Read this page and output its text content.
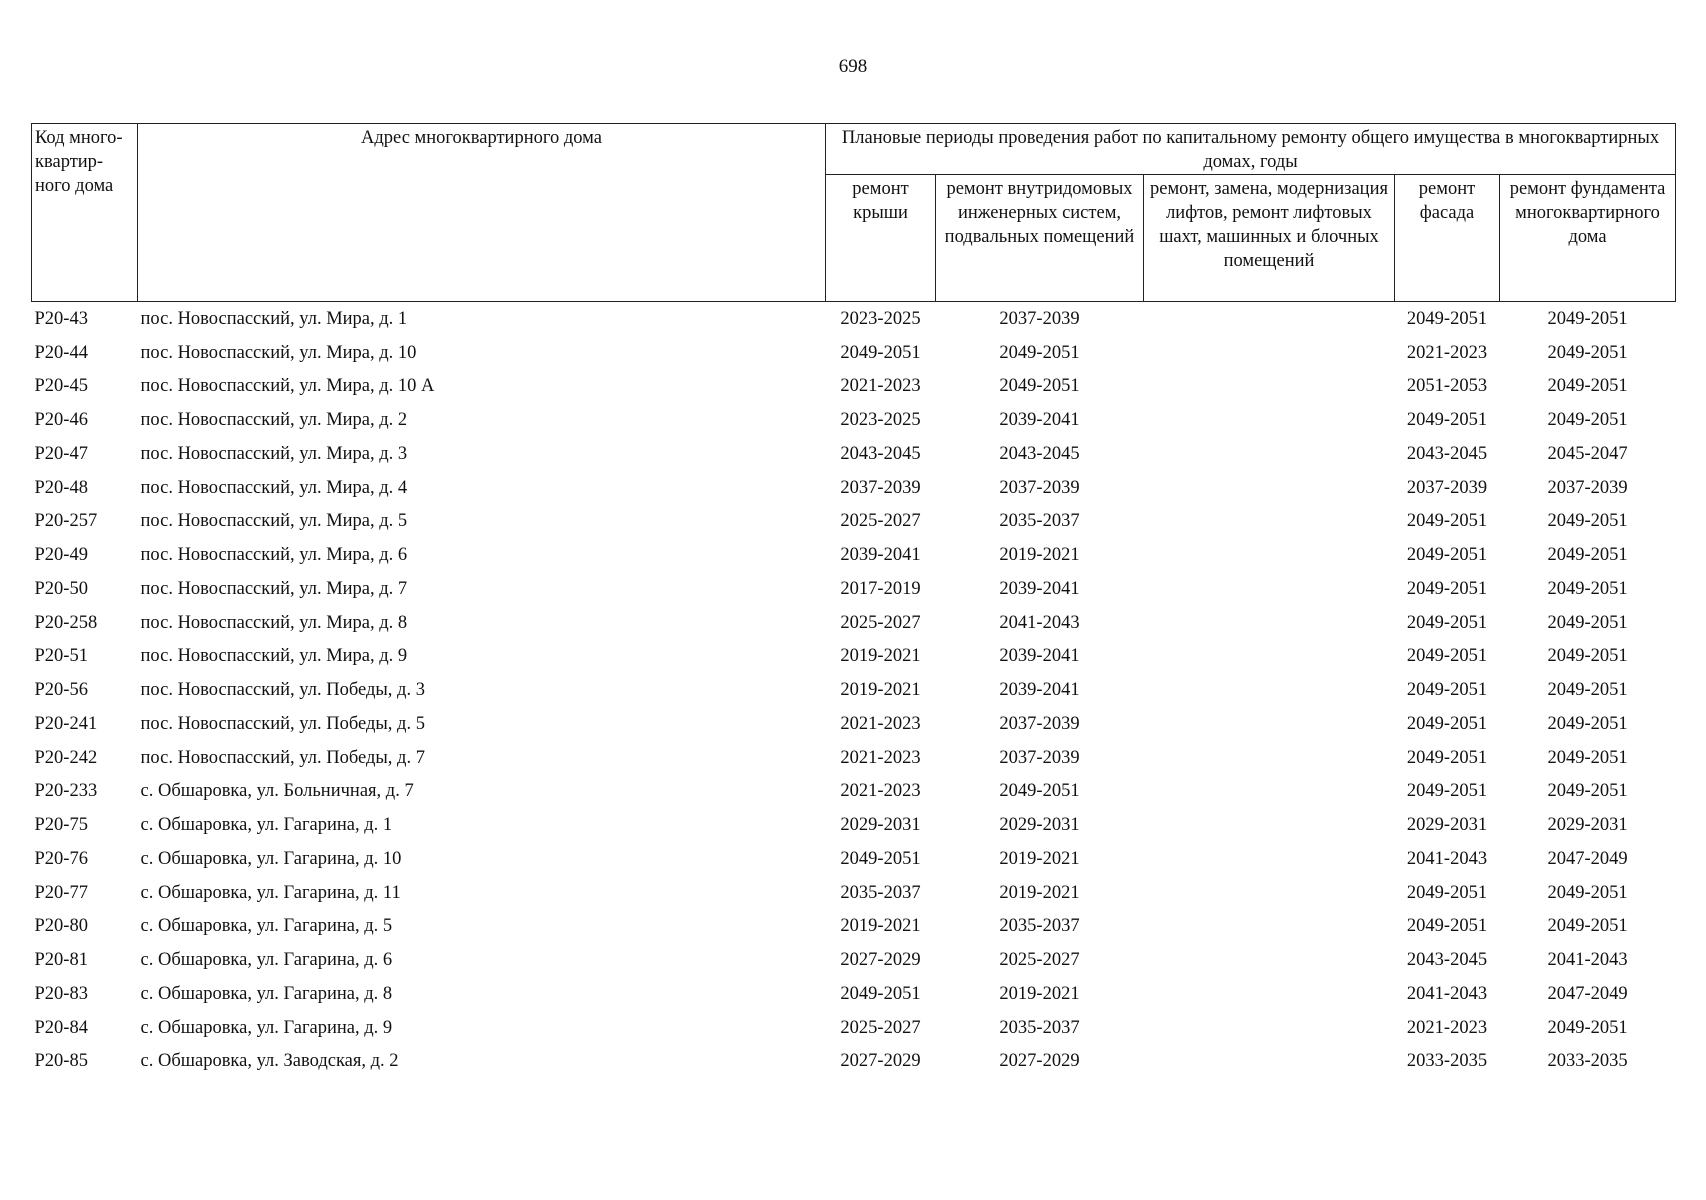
698
Код много-квартир-ного дома	Адрес многоквартирного дома	Плановые периоды проведения работ по капитальному ремонту общего имущества в многоквартирных домах, годы				
		ремонт крыши	ремонт внутридомовых инженерных систем, подвальных помещений	ремонт, замена, модернизация лифтов, ремонт лифтовых шахт, машинных и блочных помещений	ремонт фасада	ремонт фундамента многоквартирного дома
Р20-43	пос. Новоспасский, ул. Мира, д. 1	2023-2025	2037-2039		2049-2051	2049-2051
Р20-44	пос. Новоспасский, ул. Мира, д. 10	2049-2051	2049-2051		2021-2023	2049-2051
Р20-45	пос. Новоспасский, ул. Мира, д. 10 А	2021-2023	2049-2051		2051-2053	2049-2051
Р20-46	пос. Новоспасский, ул. Мира, д. 2	2023-2025	2039-2041		2049-2051	2049-2051
Р20-47	пос. Новоспасский, ул. Мира, д. 3	2043-2045	2043-2045		2043-2045	2045-2047
Р20-48	пос. Новоспасский, ул. Мира, д. 4	2037-2039	2037-2039		2037-2039	2037-2039
Р20-257	пос. Новоспасский, ул. Мира, д. 5	2025-2027	2035-2037		2049-2051	2049-2051
Р20-49	пос. Новоспасский, ул. Мира, д. 6	2039-2041	2019-2021		2049-2051	2049-2051
Р20-50	пос. Новоспасский, ул. Мира, д. 7	2017-2019	2039-2041		2049-2051	2049-2051
Р20-258	пос. Новоспасский, ул. Мира, д. 8	2025-2027	2041-2043		2049-2051	2049-2051
Р20-51	пос. Новоспасский, ул. Мира, д. 9	2019-2021	2039-2041		2049-2051	2049-2051
Р20-56	пос. Новоспасский, ул. Победы, д. 3	2019-2021	2039-2041		2049-2051	2049-2051
Р20-241	пос. Новоспасский, ул. Победы, д. 5	2021-2023	2037-2039		2049-2051	2049-2051
Р20-242	пос. Новоспасский, ул. Победы, д. 7	2021-2023	2037-2039		2049-2051	2049-2051
Р20-233	с. Обшаровка, ул. Больничная, д. 7	2021-2023	2049-2051		2049-2051	2049-2051
Р20-75	с. Обшаровка, ул. Гагарина, д. 1	2029-2031	2029-2031		2029-2031	2029-2031
Р20-76	с. Обшаровка, ул. Гагарина, д. 10	2049-2051	2019-2021		2041-2043	2047-2049
Р20-77	с. Обшаровка, ул. Гагарина, д. 11	2035-2037	2019-2021		2049-2051	2049-2051
Р20-80	с. Обшаровка, ул. Гагарина, д. 5	2019-2021	2035-2037		2049-2051	2049-2051
Р20-81	с. Обшаровка, ул. Гагарина, д. 6	2027-2029	2025-2027		2043-2045	2041-2043
Р20-83	с. Обшаровка, ул. Гагарина, д. 8	2049-2051	2019-2021		2041-2043	2047-2049
Р20-84	с. Обшаровка, ул. Гагарина, д. 9	2025-2027	2035-2037		2021-2023	2049-2051
Р20-85	с. Обшаровка, ул. Заводская, д. 2	2027-2029	2027-2029		2033-2035	2033-2035
